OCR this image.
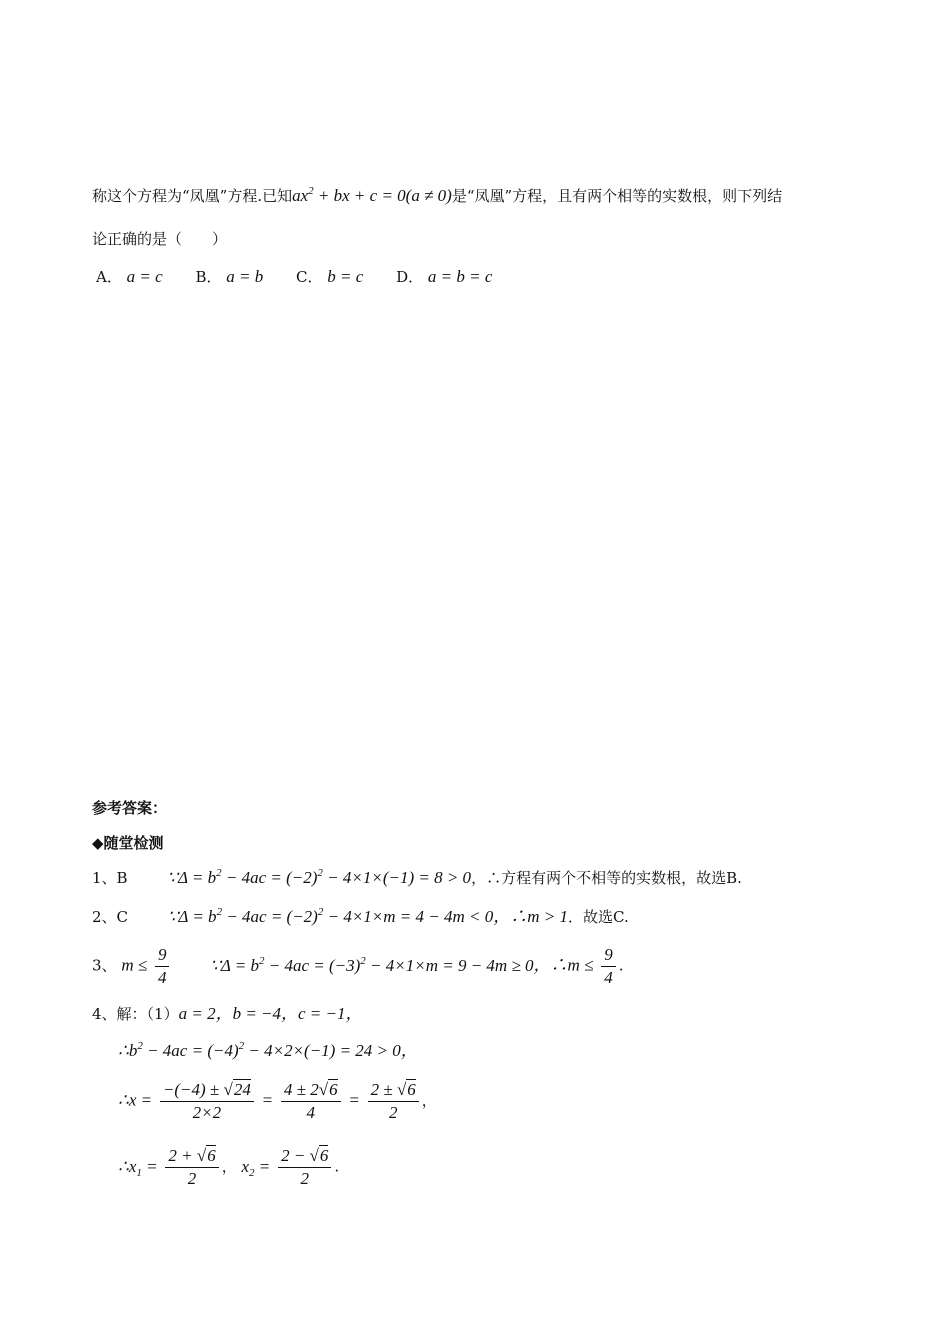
称这个方程为“凤凰”方程.已知$ax^2$ + bx + c = 0(a ≠ 0)是“凤凰”方程，且有两个相等的实数根，则下列结
论正确的是（　　）
A． a = c B． a = b C． b = c D． a = b = c
参考答案：
◆随堂检测
1、B ∵Δ = $b^2 - 4ac = (-2)^2 - 4\times 1\times(-1) = 8 > 0$，∴方程有两个不相等的实数根，故选B.
2、C ∵Δ = $b^2 - 4ac = (-2)^2 - 4\times 1\times m = 4 - 4m < 0$，∴m > 1．故选C.
3、 $m \le \frac{9}{4}$ ∵Δ = $b^2 - 4ac = (-3)^2 - 4\times 1\times m = 9 - 4m \ge 0$，∴m ≤ $\frac{9}{4}$ .
4、解：（1）a = 2，b = −4，c = −1，
$\therefore b^2 - 4ac = (-4)^2 - 4\times 2\times(-1) = 24 > 0$，
∴x = $\frac{-(-4) \pm √24}{2\times 2} = \frac{4 \pm 2√6}{4} = \frac{2 \pm √6}{2}$ ，
$\therefore x_1 = \frac{2 + √6}{2}$ ， $x_2 = \frac{2 - √6}{2}$ .
